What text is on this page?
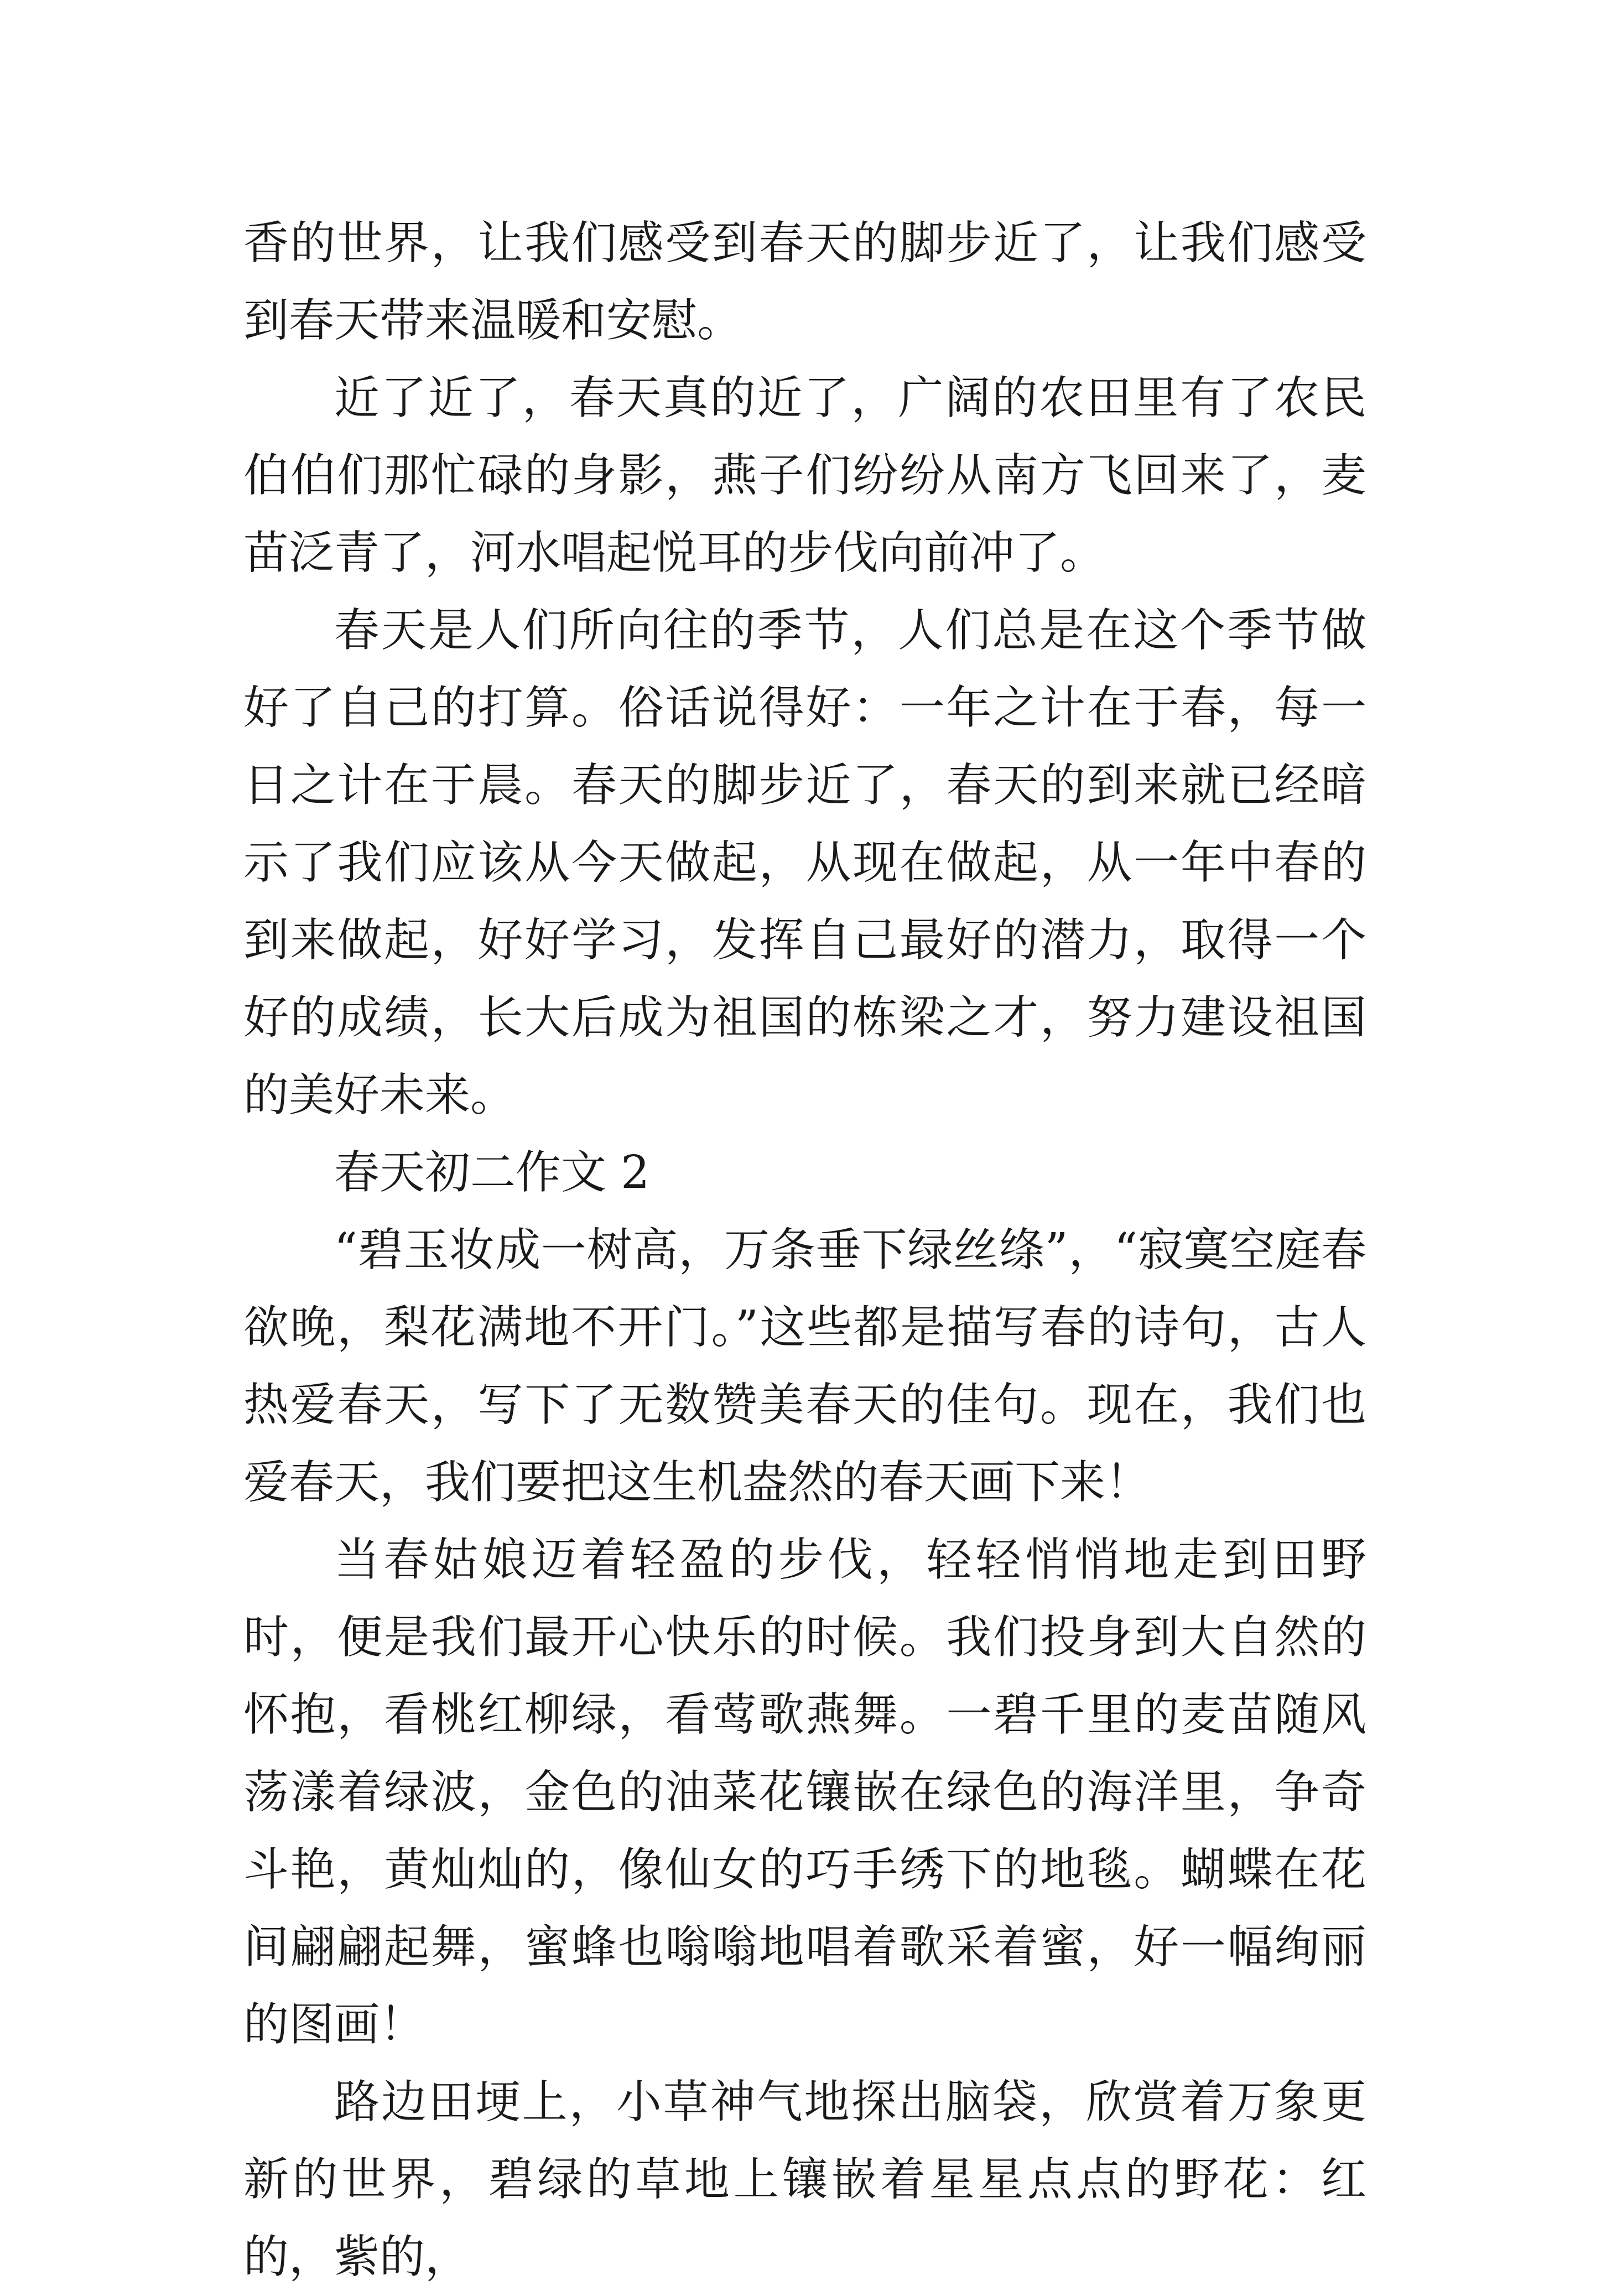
香的世界，让我们感受到春天的脚步近了，让我们感受到春天带来温暖和安慰。

近了近了，春天真的近了，广阔的农田里有了农民伯伯们那忙碌的身影，燕子们纷纷从南方飞回来了，麦苗泛青了，河水唱起悦耳的步伐向前冲了。

春天是人们所向往的季节，人们总是在这个季节做好了自己的打算。俗话说得好：一年之计在于春，每一日之计在于晨。春天的脚步近了，春天的到来就已经暗示了我们应该从今天做起，从现在做起，从一年中春的到来做起，好好学习，发挥自己最好的潜力，取得一个好的成绩，长大后成为祖国的栋梁之才，努力建设祖国的美好未来。

春天初二作文 2

“碧玉妆成一树高，万条垂下绿丝绦”，“寂寞空庭春欲晚，梨花满地不开门。”这些都是描写春的诗句，古人热爱春天，写下了无数赞美春天的佳句。现在，我们也爱春天，我们要把这生机盎然的春天画下来！

当春姑娘迈着轻盈的步伐，轻轻悄悄地走到田野时，便是我们最开心快乐的时候。我们投身到大自然的怀抱，看桃红柳绿，看莺歌燕舞。一碧千里的麦苗随风荡漾着绿波，金色的油菜花镶嵌在绿色的海洋里，争奇斗艳，黄灿灿的，像仙女的巧手绣下的地毯。蝴蝶在花间翩翩起舞，蜜蜂也嗡嗡地唱着歌采着蜜，好一幅绚丽的图画！

路边田埂上，小草神气地探出脑袋，欣赏着万象更新的世界，碧绿的草地上镶嵌着星星点点的野花：红的，紫的，
